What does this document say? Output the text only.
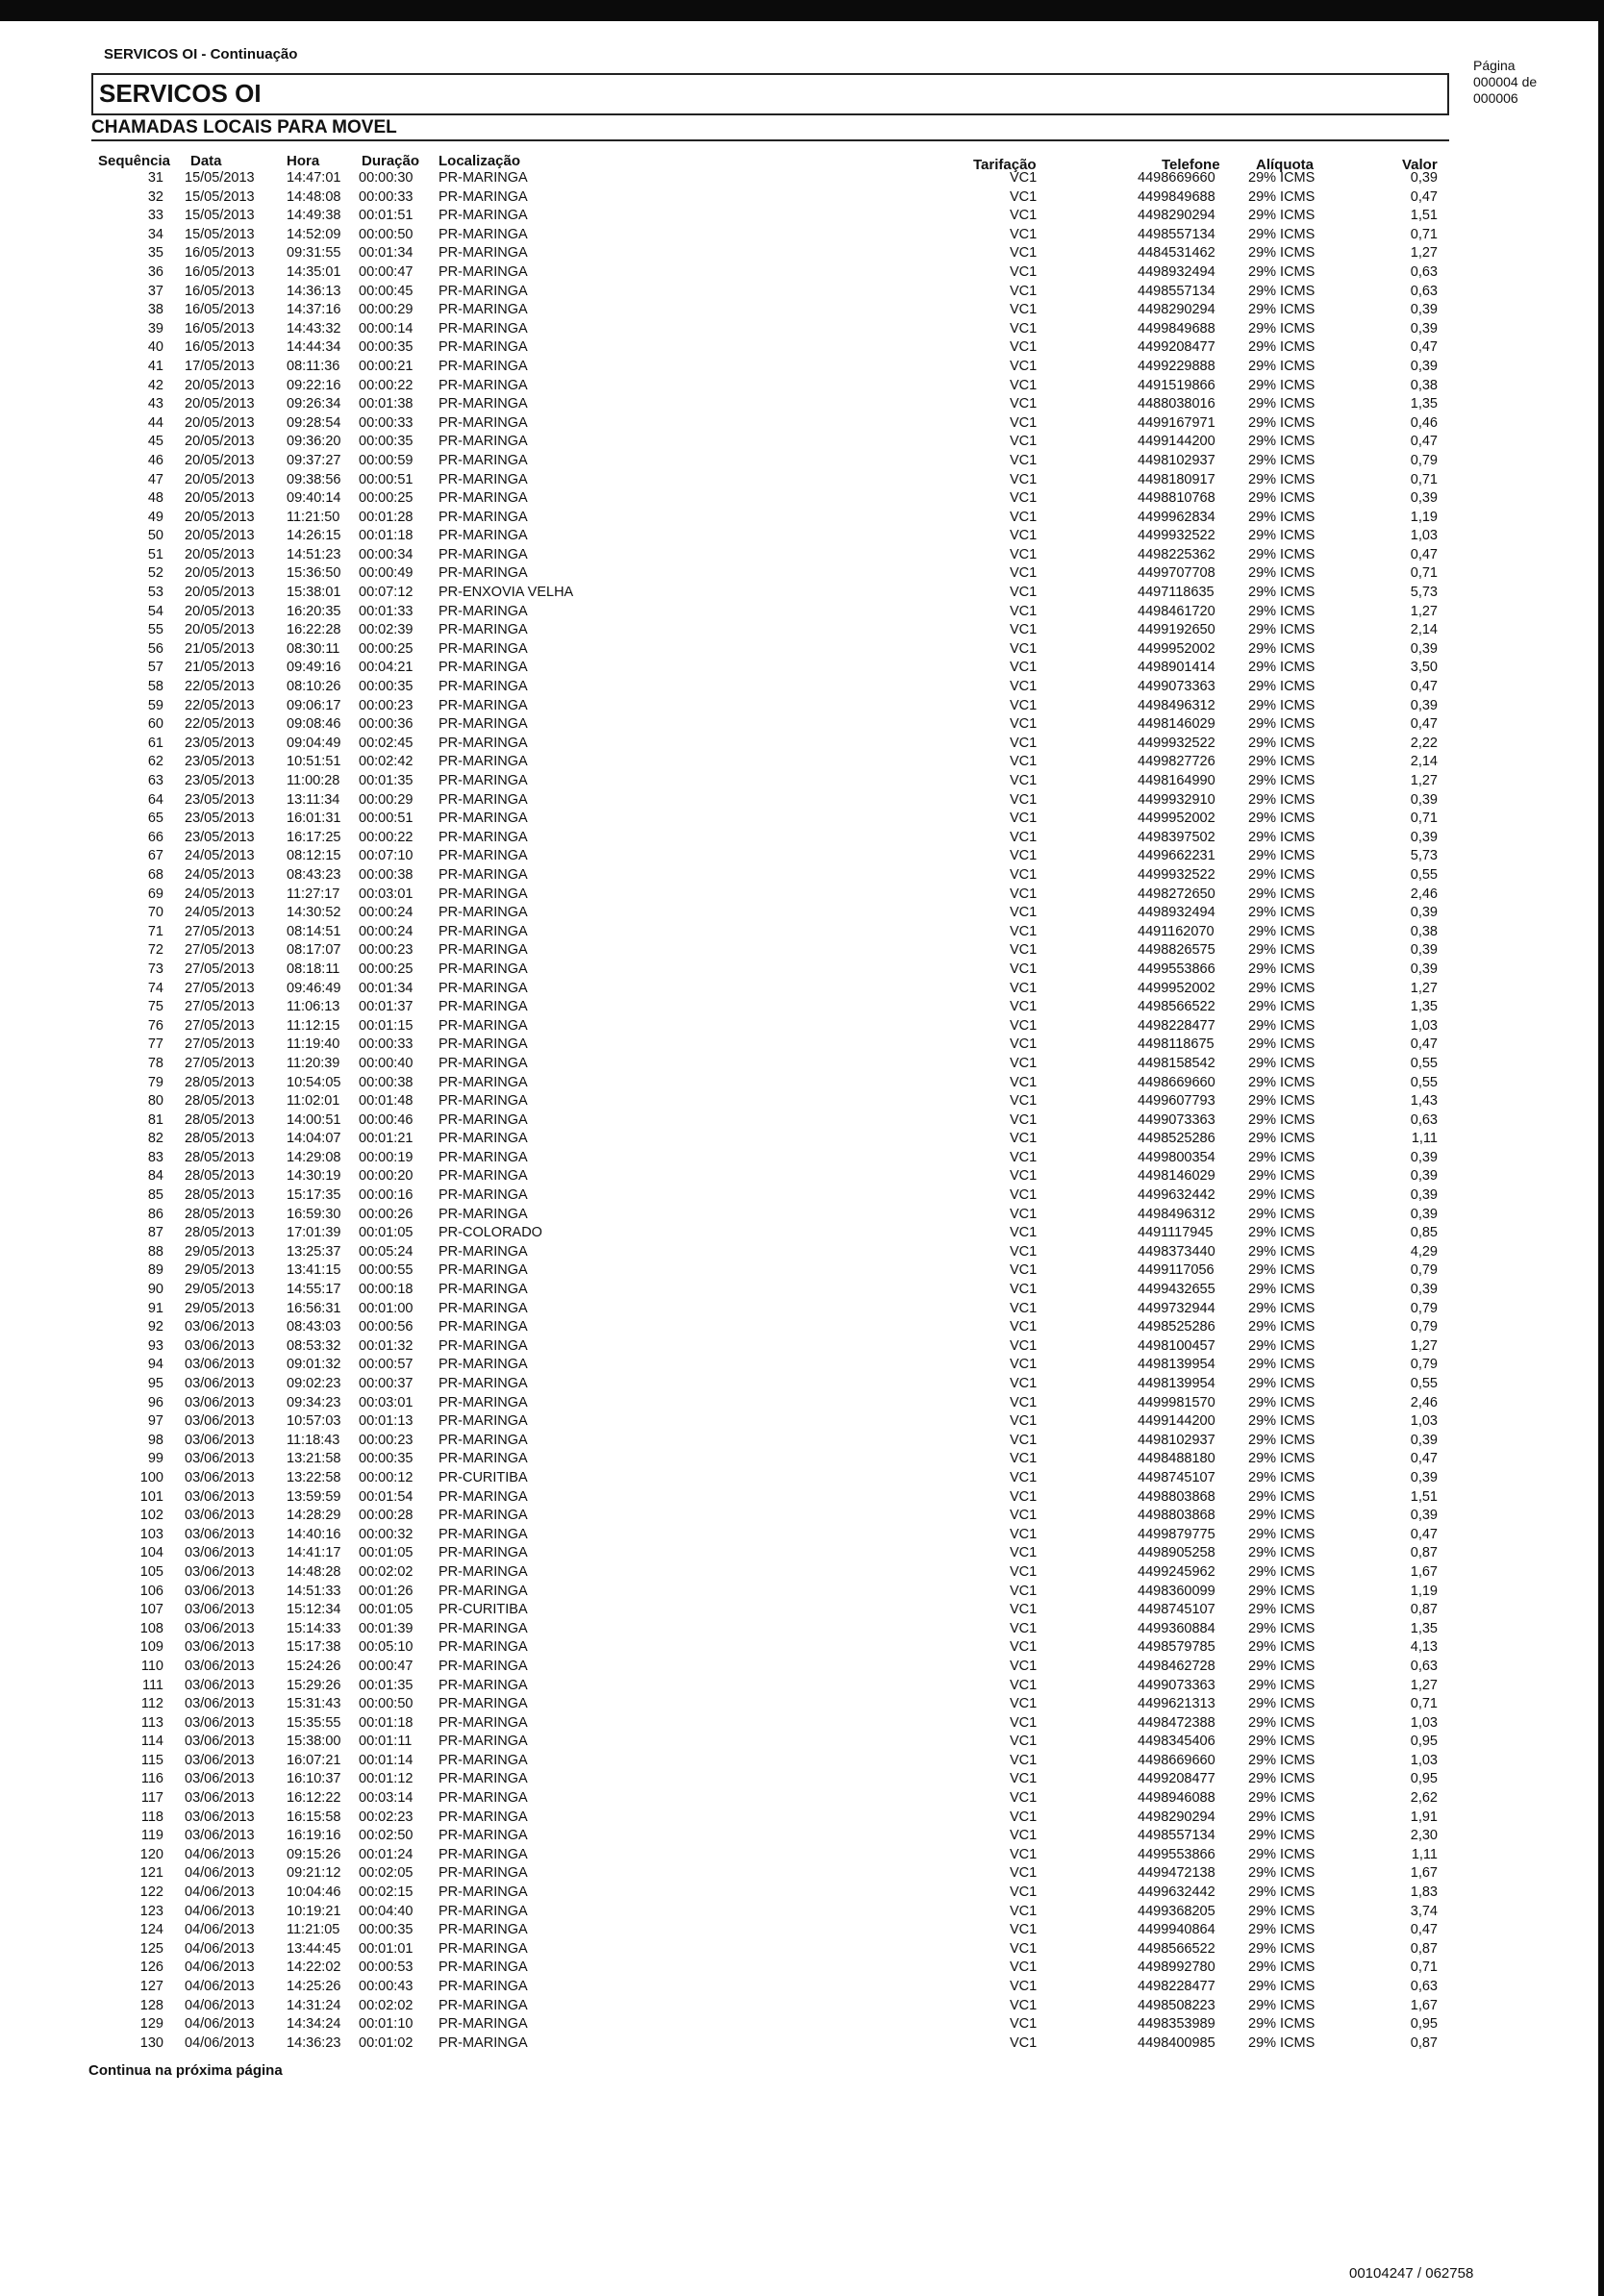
SERVICOS OI - Continuação
SERVICOS OI
Página
000004 de
000006
CHAMADAS LOCAIS PARA MOVEL
Sequência Data	Hora	Duração Localização	Tarifação	Telefone Alíquota	Valor
31 15/05/2013 14:47:01 00:00:30 PR-MARINGA	VC1	4498669660 29% ICMS	0,39
32 15/05/2013 14:48:08 00:00:33 PR-MARINGA	VC1	4499849688 29% ICMS	0,47
33 15/05/2013 14:49:38 00:01:51 PR-MARINGA	VC1	4498290294 29% ICMS	1,51
34 15/05/2013 14:52:09 00:00:50 PR-MARINGA	VC1	4498557134 29% ICMS	0,71
35 16/05/2013 09:31:55 00:01:34 PR-MARINGA	VC1	4484531462 29% ICMS	1,27
36 16/05/2013 14:35:01 00:00:47 PR-MARINGA	VC1	4498932494 29% ICMS	0,63
37 16/05/2013 14:36:13 00:00:45 PR-MARINGA	VC1	4498557134 29% ICMS	0,63
38 16/05/2013 14:37:16 00:00:29 PR-MARINGA	VC1	4498290294 29% ICMS	0,39
39 16/05/2013 14:43:32 00:00:14 PR-MARINGA	VC1	4499849688 29% ICMS	0,39
40 16/05/2013 14:44:34 00:00:35 PR-MARINGA	VC1	4499208477 29% ICMS	0,47
41 17/05/2013 08:11:36 00:00:21 PR-MARINGA	VC1	4499229888 29% ICMS	0,39
42 20/05/2013 09:22:16 00:00:22 PR-MARINGA	VC1	4491519866 29% ICMS	0,38
43 20/05/2013 09:26:34 00:01:38 PR-MARINGA	VC1	4488038016 29% ICMS	1,35
44 20/05/2013 09:28:54 00:00:33 PR-MARINGA	VC1	4499167971 29% ICMS	0,46
45 20/05/2013 09:36:20 00:00:35 PR-MARINGA	VC1	4499144200 29% ICMS	0,47
46 20/05/2013 09:37:27 00:00:59 PR-MARINGA	VC1	4498102937 29% ICMS	0,79
47 20/05/2013 09:38:56 00:00:51 PR-MARINGA	VC1	4498180917 29% ICMS	0,71
48 20/05/2013 09:40:14 00:00:25 PR-MARINGA	VC1	4498810768 29% ICMS	0,39
49 20/05/2013 11:21:50 00:01:28 PR-MARINGA	VC1	4499962834 29% ICMS	1,19
50 20/05/2013 14:26:15 00:01:18 PR-MARINGA	VC1	4499932522 29% ICMS	1,03
51 20/05/2013 14:51:23 00:00:34 PR-MARINGA	VC1	4498225362 29% ICMS	0,47
52 20/05/2013 15:36:50 00:00:49 PR-MARINGA	VC1	4499707708 29% ICMS	0,71
53 20/05/2013 15:38:01 00:07:12 PR-ENXOVIA VELHA	VC1	4497118635 29% ICMS	5,73
54 20/05/2013 16:20:35 00:01:33 PR-MARINGA	VC1	4498461720 29% ICMS	1,27
55 20/05/2013 16:22:28 00:02:39 PR-MARINGA	VC1	4499192650 29% ICMS	2,14
56 21/05/2013 08:30:11 00:00:25 PR-MARINGA	VC1	4499952002 29% ICMS	0,39
57 21/05/2013 09:49:16 00:04:21 PR-MARINGA	VC1	4498901414 29% ICMS	3,50
58 22/05/2013 08:10:26 00:00:35 PR-MARINGA	VC1	4499073363 29% ICMS	0,47
59 22/05/2013 09:06:17 00:00:23 PR-MARINGA	VC1	4498496312 29% ICMS	0,39
60 22/05/2013 09:08:46 00:00:36 PR-MARINGA	VC1	4498146029 29% ICMS	0,47
61 23/05/2013 09:04:49 00:02:45 PR-MARINGA	VC1	4499932522 29% ICMS	2,22
62 23/05/2013 10:51:51 00:02:42 PR-MARINGA	VC1	4499827726 29% ICMS	2,14
63 23/05/2013 11:00:28 00:01:35 PR-MARINGA	VC1	4498164990 29% ICMS	1,27
64 23/05/2013 13:11:34 00:00:29 PR-MARINGA	VC1	4499932910 29% ICMS	0,39
65 23/05/2013 16:01:31 00:00:51 PR-MARINGA	VC1	4499952002 29% ICMS	0,71
66 23/05/2013 16:17:25 00:00:22 PR-MARINGA	VC1	4498397502 29% ICMS	0,39
67 24/05/2013 08:12:15 00:07:10 PR-MARINGA	VC1	4499662231 29% ICMS	5,73
68 24/05/2013 08:43:23 00:00:38 PR-MARINGA	VC1	4499932522 29% ICMS	0,55
69 24/05/2013 11:27:17 00:03:01 PR-MARINGA	VC1	4498272650 29% ICMS	2,46
70 24/05/2013 14:30:52 00:00:24 PR-MARINGA	VC1	4498932494 29% ICMS	0,39
71 27/05/2013 08:14:51 00:00:24 PR-MARINGA	VC1	4491162070 29% ICMS	0,38
72 27/05/2013 08:17:07 00:00:23 PR-MARINGA	VC1	4498826575 29% ICMS	0,39
73 27/05/2013 08:18:11 00:00:25 PR-MARINGA	VC1	4499553866 29% ICMS	0,39
74 27/05/2013 09:46:49 00:01:34 PR-MARINGA	VC1	4499952002 29% ICMS	1,27
75 27/05/2013 11:06:13 00:01:37 PR-MARINGA	VC1	4498566522 29% ICMS	1,35
76 27/05/2013 11:12:15 00:01:15 PR-MARINGA	VC1	4498228477 29% ICMS	1,03
77 27/05/2013 11:19:40 00:00:33 PR-MARINGA	VC1	4498118675 29% ICMS	0,47
78 27/05/2013 11:20:39 00:00:40 PR-MARINGA	VC1	4498158542 29% ICMS	0,55
79 28/05/2013 10:54:05 00:00:38 PR-MARINGA	VC1	4498669660 29% ICMS	0,55
80 28/05/2013 11:02:01 00:01:48 PR-MARINGA	VC1	4499607793 29% ICMS	1,43
81 28/05/2013 14:00:51 00:00:46 PR-MARINGA	VC1	4499073363 29% ICMS	0,63
82 28/05/2013 14:04:07 00:01:21 PR-MARINGA	VC1	4498525286 29% ICMS	1,11
83 28/05/2013 14:29:08 00:00:19 PR-MARINGA	VC1	4499800354 29% ICMS	0,39
84 28/05/2013 14:30:19 00:00:20 PR-MARINGA	VC1	4498146029 29% ICMS	0,39
85 28/05/2013 15:17:35 00:00:16 PR-MARINGA	VC1	4499632442 29% ICMS	0,39
86 28/05/2013 16:59:30 00:00:26 PR-MARINGA	VC1	4498496312 29% ICMS	0,39
87 28/05/2013 17:01:39 00:01:05 PR-COLORADO	VC1	4491117945	29% ICMS	0,85
88 29/05/2013 13:25:37 00:05:24 PR-MARINGA	VC1	4498373440 29% ICMS	4,29
89 29/05/2013 13:41:15 00:00:55 PR-MARINGA	VC1	4499117056 29% ICMS	0,79
90 29/05/2013 14:55:17 00:00:18 PR-MARINGA	VC1	4499432655 29% ICMS	0,39
91 29/05/2013 16:56:31 00:01:00 PR-MARINGA	VC1	4499732944 29% ICMS	0,79
92 03/06/2013 08:43:03 00:00:56 PR-MARINGA	VC1	4498525286 29% ICMS	0,79
93 03/06/2013 08:53:32 00:01:32 PR-MARINGA	VC1	4498100457 29% ICMS	1,27
94 03/06/2013 09:01:32 00:00:57 PR-MARINGA	VC1	4498139954 29% ICMS	0,79
95 03/06/2013 09:02:23 00:00:37 PR-MARINGA	VC1	4498139954 29% ICMS	0,55
96 03/06/2013 09:34:23 00:03:01 PR-MARINGA	VC1	4499981570 29% ICMS	2,46
97 03/06/2013 10:57:03 00:01:13 PR-MARINGA	VC1	4499144200 29% ICMS	1,03
98 03/06/2013 11:18:43 00:00:23 PR-MARINGA	VC1	4498102937 29% ICMS	0,39
99 03/06/2013 13:21:58 00:00:35 PR-MARINGA	VC1	4498488180 29% ICMS	0,47
100 03/06/2013 13:22:58 00:00:12 PR-CURITIBA	VC1	4498745107 29% ICMS	0,39
101 03/06/2013 13:59:59 00:01:54 PR-MARINGA	VC1	4498803868 29% ICMS	1,51
102 03/06/2013 14:28:29 00:00:28 PR-MARINGA	VC1	4498803868 29% ICMS	0,39
103 03/06/2013 14:40:16 00:00:32 PR-MARINGA	VC1	4499879775 29% ICMS	0,47
104 03/06/2013 14:41:17 00:01:05 PR-MARINGA	VC1	4498905258 29% ICMS	0,87
105 03/06/2013 14:48:28 00:02:02 PR-MARINGA	VC1	4499245962 29% ICMS	1,67
106 03/06/2013 14:51:33 00:01:26 PR-MARINGA	VC1	4498360099 29% ICMS	1,19
107 03/06/2013 15:12:34 00:01:05 PR-CURITIBA	VC1	4498745107 29% ICMS	0,87
108 03/06/2013 15:14:33 00:01:39 PR-MARINGA	VC1	4499360884 29% ICMS	1,35
109 03/06/2013 15:17:38 00:05:10 PR-MARINGA	VC1	4498579785 29% ICMS	4,13
110 03/06/2013 15:24:26 00:00:47 PR-MARINGA	VC1	4498462728 29% ICMS	0,63
111 03/06/2013 15:29:26 00:01:35 PR-MARINGA	VC1	4499073363 29% ICMS	1,27
112 03/06/2013 15:31:43 00:00:50 PR-MARINGA	VC1	4499621313 29% ICMS	0,71
113 03/06/2013 15:35:55 00:01:18 PR-MARINGA	VC1	4498472388 29% ICMS	1,03
114 03/06/2013 15:38:00 00:01:11 PR-MARINGA	VC1	4498345406 29% ICMS	0,95
115 03/06/2013 16:07:21 00:01:14 PR-MARINGA	VC1	4498669660 29% ICMS	1,03
116 03/06/2013 16:10:37 00:01:12 PR-MARINGA	VC1	4499208477 29% ICMS	0,95
117 03/06/2013 16:12:22 00:03:14 PR-MARINGA	VC1	4498946088 29% ICMS	2,62
118 03/06/2013 16:15:58 00:02:23 PR-MARINGA	VC1	4498290294 29% ICMS	1,91
119 03/06/2013 16:19:16 00:02:50 PR-MARINGA	VC1	4498557134 29% ICMS	2,30
120 04/06/2013 09:15:26 00:01:24 PR-MARINGA	VC1	4499553866 29% ICMS	1,11
121 04/06/2013 09:21:12 00:02:05 PR-MARINGA	VC1	4499472138 29% ICMS	1,67
122 04/06/2013 10:04:46 00:02:15 PR-MARINGA	VC1	4499632442 29% ICMS	1,83
123 04/06/2013 10:19:21 00:04:40 PR-MARINGA	VC1	4499368205 29% ICMS	3,74
124 04/06/2013 11:21:05 00:00:35 PR-MARINGA	VC1	4499940864 29% ICMS	0,47
125 04/06/2013 13:44:45 00:01:01 PR-MARINGA	VC1	4498566522 29% ICMS	0,87
126 04/06/2013 14:22:02 00:00:53 PR-MARINGA	VC1	4498992780 29% ICMS	0,71
127 04/06/2013 14:25:26 00:00:43 PR-MARINGA	VC1	4498228477 29% ICMS	0,63
128 04/06/2013 14:31:24 00:02:02 PR-MARINGA	VC1	4498508223 29% ICMS	1,67
129 04/06/2013 14:34:24 00:01:10 PR-MARINGA	VC1	4498353989 29% ICMS	0,95
130 04/06/2013 14:36:23 00:01:02 PR-MARINGA	VC1	4498400985 29% ICMS	0,87
Continua na próxima página
00104247 / 062758
